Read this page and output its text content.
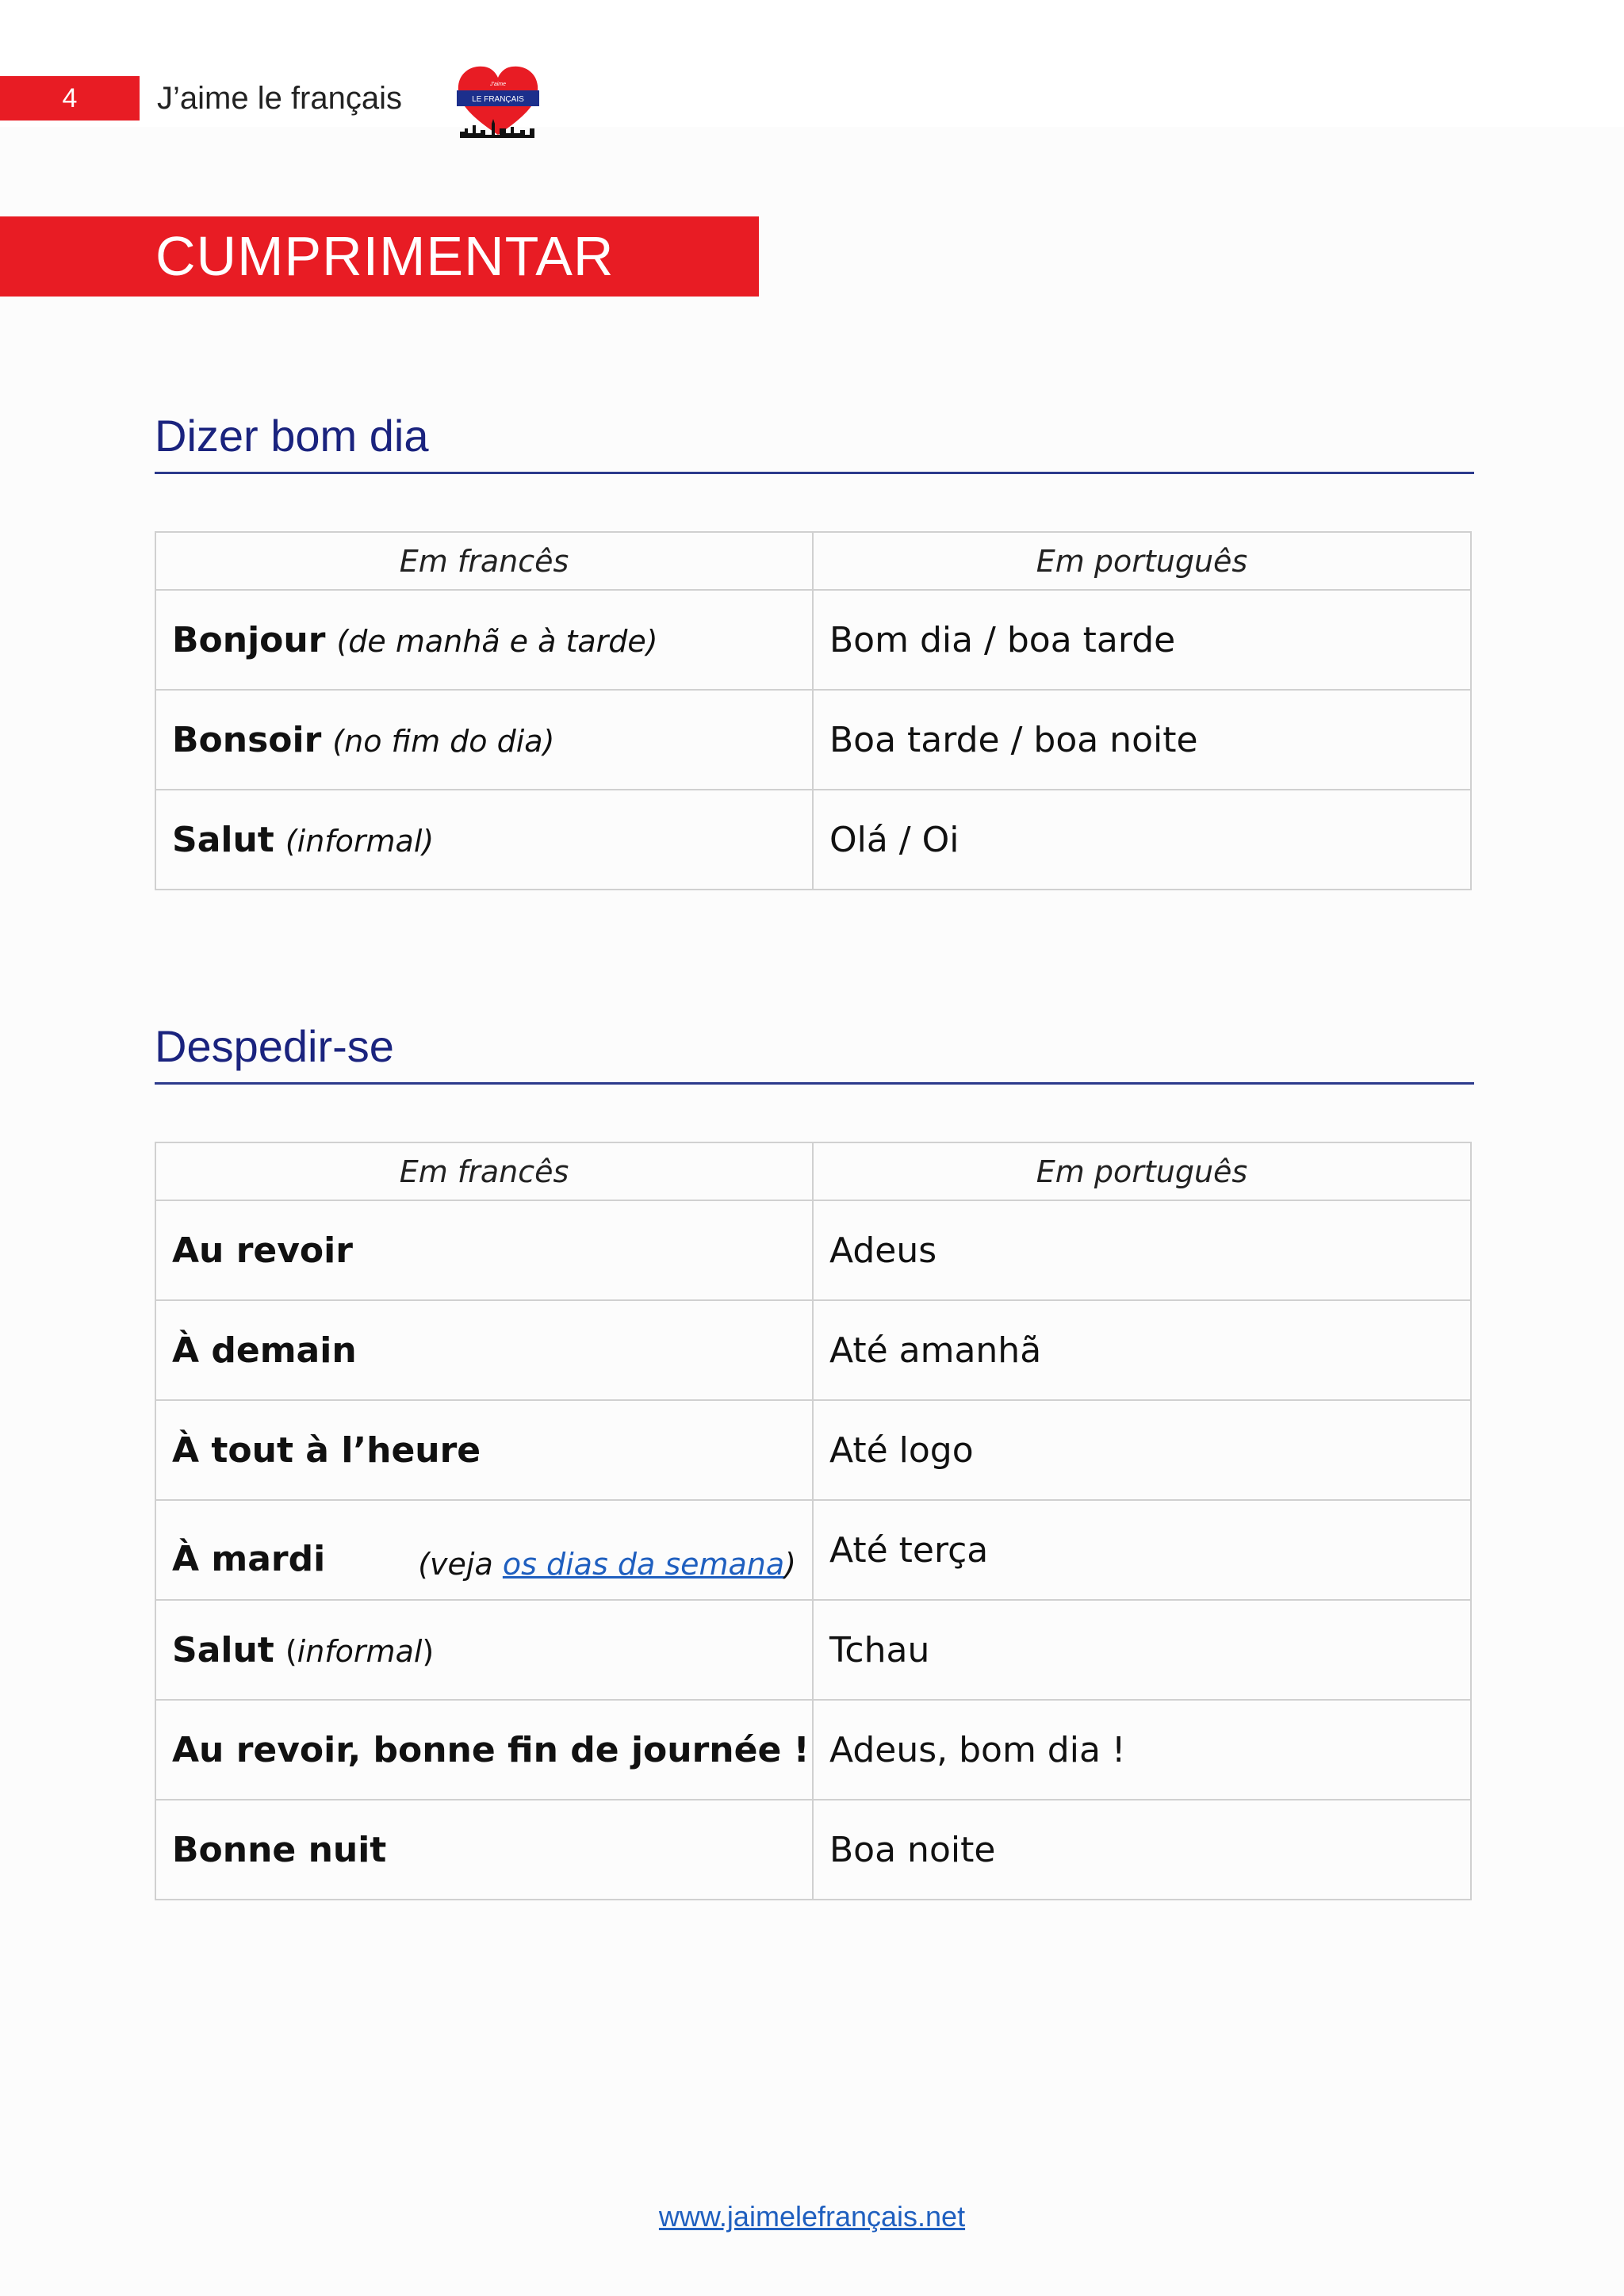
4	J’aime le français	LE FRANÇAIS
J'aime
CUMPRIMENTAR
Dizer bom dia
Em francês	Em português
Bonjour (de manhã e à tarde)	Bom dia / boa tarde
Bonsoir (no fim do dia)	Boa tarde / boa noite
Salut (informal)	Olá / Oi
Despedir-se
Em francês	Em português
Au revoir	Adeus
À demain	Até amanhã
À tout à l’heure	Até logo

À mardi (veja os dias da semana)	Até terça
Salut (informal)	Tchau
Au revoir, bonne fin de journée !	Adeus, bom dia !
Bonne nuit	Boa noite
www.jaimelefrançais.net
